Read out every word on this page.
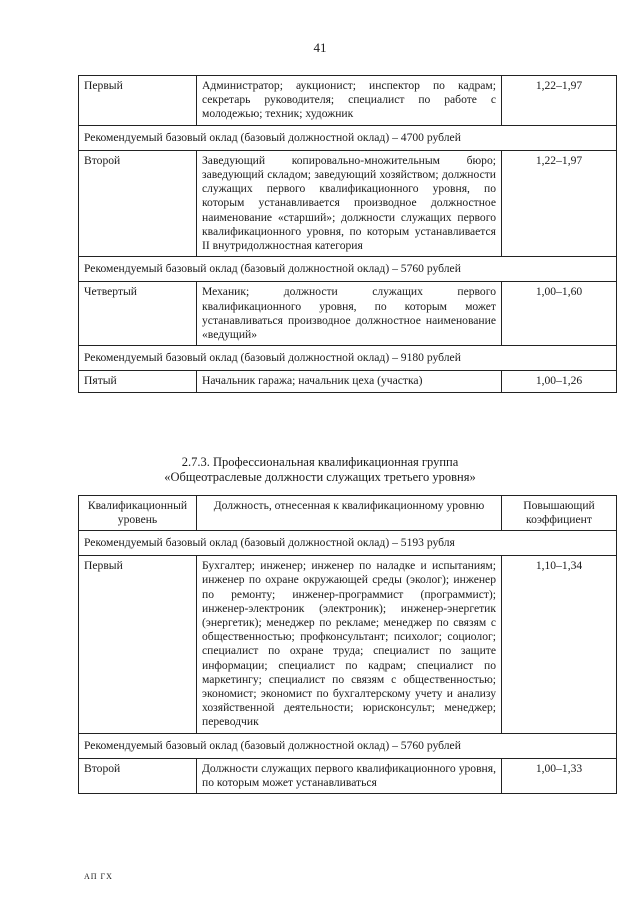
41
Первый	Администратор; аукционист; инспектор по кадрам; секретарь руководителя; специалист по работе с молодежью; техник; художник	1,22–1,97
Рекомендуемый базовый оклад (базовый должностной оклад) – 4700 рублей		
Второй	Заведующий копировально-множительным бюро; заведующий складом; заведующий хозяйством; должности служащих первого квалификационного уровня, по которым устанавливается производное должностное наименование «старший»; должности служащих первого квалификационного уровня, по которым устанавливается II внутридолжностная категория	1,22–1,97
Рекомендуемый базовый оклад (базовый должностной оклад) – 5760 рублей		
Четвертый	Механик; должности служащих первого квалификационного уровня, по которым может устанавливаться производное должностное наименование «ведущий»	1,00–1,60
Рекомендуемый базовый оклад (базовый должностной оклад) – 9180 рублей		
Пятый	Начальник гаража; начальник цеха (участка)	1,00–1,26
2.7.3. Профессиональная квалификационная группа
«Общеотраслевые должности служащих третьего уровня»
Квалификационный уровень	Должность, отнесенная к квалификационному уровню	Повышающий коэффициент
Рекомендуемый базовый оклад (базовый должностной оклад) – 5193 рубля		
Первый	Бухгалтер; инженер; инженер по наладке и испытаниям; инженер по охране окружающей среды (эколог); инженер по ремонту; инженер-программист (программист); инженер-электроник (электроник); инженер-энергетик (энергетик); менеджер по рекламе; менеджер по связям с общественностью; профконсультант; психолог; социолог; специалист по охране труда; специалист по защите информации; специалист по кадрам; специалист по маркетингу; специалист по связям с общественностью; экономист; экономист по бухгалтерскому учету и анализу хозяйственной деятельности; юрисконсульт; менеджер; переводчик	1,10–1,34
Рекомендуемый базовый оклад (базовый должностной оклад) – 5760 рублей		
Второй	Должности служащих первого квалификационного уровня, по которым может устанавливаться	1,00–1,33
АП ГХ
